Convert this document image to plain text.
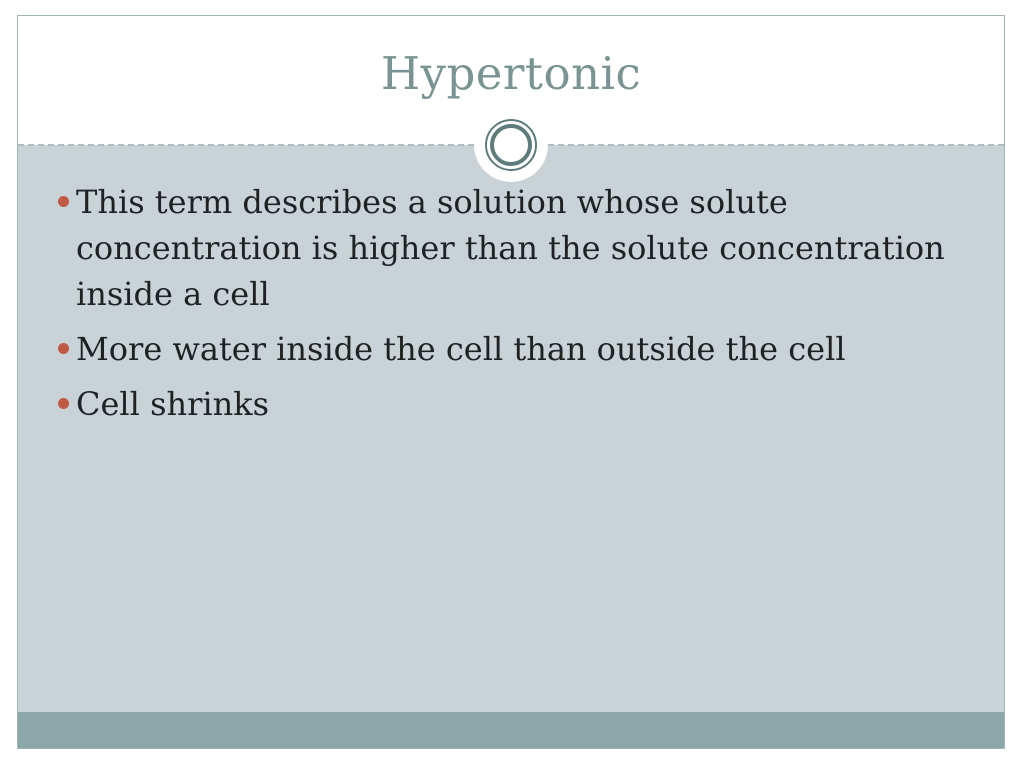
Hypertonic
This term describes a solution whose solute concentration is higher than the solute concentration inside a cell
More water inside the cell than outside the cell
Cell shrinks
